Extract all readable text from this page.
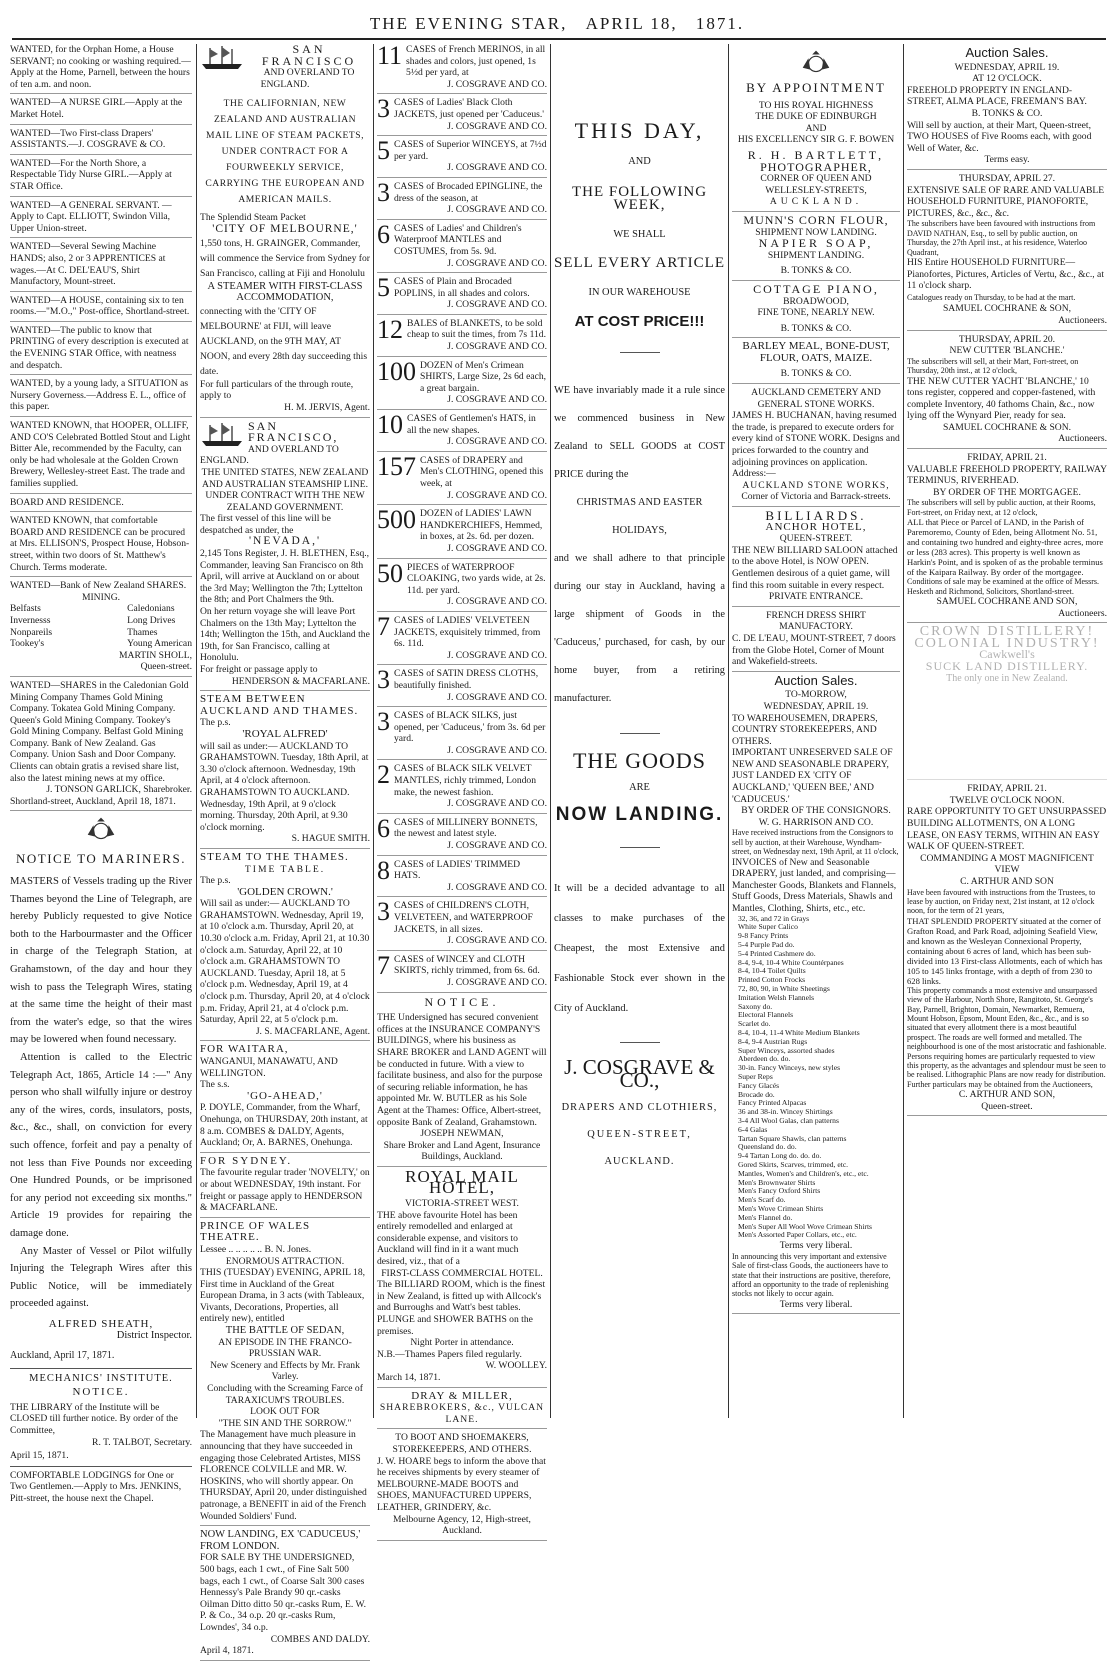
THE EVENING STAR, APRIL 18, 1871.

WANTED, for the Orphan Home, a House SERVANT; no cooking or washing required.—Apply at the Home, Parnell, between the hours of ten a.m. and noon.

WANTED—A NURSE GIRL—Apply at the Market Hotel.

WANTED—Two First-class Drapers' ASSISTANTS.—J. COSGRAVE & CO.

WANTED—For the North Shore, a Respectable Tidy Nurse GIRL.—Apply at STAR Office.

WANTED—A GENERAL SERVANT. —Apply to Capt. ELLIOTT, Swindon Villa, Upper Union-street.

WANTED—Several Sewing Machine HANDS; also, 2 or 3 APPRENTICES at wages.—At C. DEL'EAU'S, Shirt Manufactory, Mount-street.

WANTED—A HOUSE, containing six to ten rooms.—"M.O.," Post-office, Shortland-street.

WANTED—The public to know that PRINTING of every description is executed at the EVENING STAR Office, with neatness and despatch.

WANTED, by a young lady, a SITUATION as Nursery Governess.—Address E. L., office of this paper.

WANTED KNOWN, that HOOPER, OLLIFF, AND CO'S Celebrated Bottled Stout and Light Bitter Ale, recommended by the Faculty, can only be had wholesale at the Golden Crown Brewery, Wellesley-street East. The trade and families supplied.

BOARD AND RESIDENCE.

WANTED KNOWN, that comfortable BOARD AND RESIDENCE can be procured at Mrs. ELLISON'S, Prospect House, Hobson-street, within two doors of St. Matthew's Church. Terms moderate.

WANTED—Bank of New Zealand SHARES.

MINING.

Belfasts
Invernesss
Nonpareils
Tookey's
Caledonians
Long Drives
Thames
Young American

MARTIN SHOLL,

Queen-street.

WANTED—SHARES in the Caledonian Gold Mining Company Thames Gold Mining Company. Tokatea Gold Mining Company. Queen's Gold Mining Company. Tookey's Gold Mining Company. Belfast Gold Mining Company. Bank of New Zealand. Gas Company. Union Sash and Door Company. Clients can obtain gratis a revised share list, also the latest mining news at my office.

J. TONSON GARLICK, Sharebroker.

Shortland-street, Auckland, April 18, 1871.

NOTICE TO MARINERS.

MASTERS of Vessels trading up the River Thames beyond the Line of Telegraph, are hereby Publicly requested to give Notice both to the Harbourmaster and the Officer in charge of the Telegraph Station, at Grahamstown, of the day and hour they wish to pass the Telegraph Wires, stating at the same time the height of their mast from the water's edge, so that the wires may be lowered when found necessary.

Attention is called to the Electric Telegraph Act, 1865, Article 14 :—" Any person who shall wilfully injure or destroy any of the wires, cords, insulators, posts, &c., &c., shall, on conviction for every such offence, forfeit and pay a penalty of not less than Five Pounds nor exceeding One Hundred Pounds, or be imprisoned for any period not exceeding six months." Article 19 provides for repairing the damage done.

Any Master of Vessel or Pilot wilfully Injuring the Telegraph Wires after this Public Notice, will be immediately proceeded against.

ALFRED SHEATH,

District Inspector.

Auckland, April 17, 1871.

MECHANICS' INSTITUTE.

NOTICE.

THE LIBRARY of the Institute will be CLOSED till further notice. By order of the Committee,

R. T. TALBOT, Secretary.

April 15, 1871.

COMFORTABLE LODGINGS for One or Two Gentlemen.—Apply to Mrs. JENKINS, Pitt-street, the house next the Chapel.

SAN FRANCISCO

AND OVERLAND TO ENGLAND.

THE CALIFORNIAN, NEW ZEALAND AND AUSTRALIAN MAIL LINE OF STEAM PACKETS, UNDER CONTRACT FOR A FOURWEEKLY SERVICE, CARRYING THE EUROPEAN AND AMERICAN MAILS.

The Splendid Steam Packet

'CITY OF MELBOURNE,'

1,550 tons, H. GRAINGER, Commander, will commence the Service from Sydney for San Francisco, calling at Fiji and Honolulu

A STEAMER WITH FIRST-CLASS ACCOMMODATION,

connecting with the 'CITY OF MELBOURNE' at FIJI, will leave AUCKLAND, on the 9TH MAY, AT NOON, and every 28th day succeeding this date.

For full particulars of the through route, apply to

H. M. JERVIS, Agent.

SAN FRANCISCO,

AND OVERLAND TO ENGLAND.

THE UNITED STATES, NEW ZEALAND AND AUSTRALIAN STEAMSHIP LINE.

UNDER CONTRACT WITH THE NEW ZEALAND GOVERNMENT.

The first vessel of this line will be despatched as under, the

'NEVADA,'

2,145 Tons Register, J. H. BLETHEN, Esq., Commander, leaving San Francisco on 8th April, will arrive at Auckland on or about the 3rd May; Wellington the 7th; Lyttelton the 8th; and Port Chalmers the 9th.

On her return voyage she will leave Port Chalmers on the 13th May; Lyttelton the 14th; Wellington the 15th, and Auckland the 19th, for San Francisco, calling at Honolulu.

For freight or passage apply to

HENDERSON & MACFARLANE.

STEAM BETWEEN AUCKLAND AND THAMES.

The p.s.

'ROYAL ALFRED'

will sail as under:— AUCKLAND TO GRAHAMSTOWN. Tuesday, 18th April, at 3.30 o'clock afternoon. Wednesday, 19th April, at 4 o'clock afternoon. GRAHAMSTOWN TO AUCKLAND. Wednesday, 19th April, at 9 o'clock morning. Thursday, 20th April, at 9.30 o'clock morning.

S. HAGUE SMITH.

STEAM TO THE THAMES.

TIME TABLE.

The p.s.

'GOLDEN CROWN.'

Will sail as under:— AUCKLAND TO GRAHAMSTOWN. Wednesday, April 19, at 10 o'clock a.m. Thursday, April 20, at 10.30 o'clock a.m. Friday, April 21, at 10.30 o'clock a.m. Saturday, April 22, at 10 o'clock a.m. GRAHAMSTOWN TO AUCKLAND. Tuesday, April 18, at 5 o'clock p.m. Wednesday, April 19, at 4 o'clock p.m. Thursday, April 20, at 4 o'clock p.m. Friday, April 21, at 4 o'clock p.m. Saturday, April 22, at 5 o'clock p.m.

J. S. MACFARLANE, Agent.

FOR WAITARA,

WANGANUI, MANAWATU, AND WELLINGTON.

The s.s.

'GO-AHEAD,'

P. DOYLE, Commander, from the Wharf, Onehunga, on THURSDAY, 20th instant, at 8 a.m. COMBES & DALDY, Agents, Auckland; Or, A. BARNES, Onehunga.

FOR SYDNEY.

The favourite regular trader 'NOVELTY,' on or about WEDNESDAY, 19th instant. For freight or passage apply to HENDERSON & MACFARLANE.

PRINCE OF WALES THEATRE.

Lessee .. .. .. .. .. B. N. Jones.

ENORMOUS ATTRACTION.

THIS (TUESDAY) EVENING, APRIL 18, First time in Auckland of the Great European Drama, in 3 acts (with Tableaux, Vivants, Decorations, Properties, all entirely new), entitled

THE BATTLE OF SEDAN,

AN EPISODE IN THE FRANCO-PRUSSIAN WAR.

New Scenery and Effects by Mr. Frank Varley.

Concluding with the Screaming Farce of

TARAXICUM'S TROUBLES.

LOOK OUT FOR

"THE SIN AND THE SORROW."

The Management have much pleasure in announcing that they have succeeded in engaging those Celebrated Artistes, MISS FLORENCE COLVILLE and MR. W. HOSKINS, who will shortly appear. On THURSDAY, April 20, under distinguished patronage, a BENEFIT in aid of the French Wounded Soldiers' Fund.

NOW LANDING, EX 'CADUCEUS,' FROM LONDON.

FOR SALE BY THE UNDERSIGNED, 500 bags, each 1 cwt., of Fine Salt 500 bags, each 1 cwt., of Coarse Salt 300 cases Hennessy's Pale Brandy 90 qr.-casks Oilman Ditto ditto 50 qr.-casks Rum, E. W. P. & Co., 34 o.p. 20 qr.-casks Rum, Lowndes', 34 o.p.

COMBES AND DALDY.

April 4, 1871.

11 CASES of French MERINOS, in all shades and colors, just opened, 1s 5½d per yard, at

J. COSGRAVE AND CO.

3 CASES of Ladies' Black Cloth JACKETS, just opened per 'Caduceus.'

J. COSGRAVE AND CO.

5 CASES of Superior WINCEYS, at 7½d per yard.

J. COSGRAVE AND CO.

3 CASES of Brocaded EPINGLINE, the dress of the season, at

J. COSGRAVE AND CO.

6 CASES of Ladies' and Children's Waterproof MANTLES and COSTUMES, from 5s. 9d.

J. COSGRAVE AND CO.

5 CASES of Plain and Brocaded POPLINS, in all shades and colors.

J. COSGRAVE AND CO.

12 BALES of BLANKETS, to be sold cheap to suit the times, from 7s 11d.

J. COSGRAVE AND CO.

100 DOZEN of Men's Crimean SHIRTS, Large Size, 2s 6d each, a great bargain.

J. COSGRAVE AND CO.

10 CASES of Gentlemen's HATS, in all the new shapes.

J. COSGRAVE AND CO.

157 CASES of DRAPERY and Men's CLOTHING, opened this week, at

J. COSGRAVE AND CO.

500 DOZEN of LADIES' LAWN HANDKERCHIEFS, Hemmed, in boxes, at 2s. 6d. per dozen.

J. COSGRAVE AND CO.

50 PIECES of WATERPROOF CLOAKING, two yards wide, at 2s. 11d. per yard.

J. COSGRAVE AND CO.

7 CASES of LADIES' VELVETEEN JACKETS, exquisitely trimmed, from 6s. 11d.

J. COSGRAVE AND CO.

3 CASES of SATIN DRESS CLOTHS, beautifully finished.

J. COSGRAVE AND CO.

3 CASES of BLACK SILKS, just opened, per 'Caduceus,' from 3s. 6d per yard.

J. COSGRAVE AND CO.

2 CASES of BLACK SILK VELVET MANTLES, richly trimmed, London make, the newest fashion.

J. COSGRAVE AND CO.

6 CASES of MILLINERY BONNETS, the newest and latest style.

J. COSGRAVE AND CO.

8 CASES of LADIES' TRIMMED HATS.

J. COSGRAVE AND CO.

3 CASES of CHILDREN'S CLOTH, VELVETEEN, and WATERPROOF JACKETS, in all sizes.

J. COSGRAVE AND CO.

7 CASES of WINCEY and CLOTH SKIRTS, richly trimmed, from 6s. 6d.

J. COSGRAVE AND CO.

NOTICE.

THE Undersigned has secured convenient offices at the INSURANCE COMPANY'S BUILDINGS, where his business as SHARE BROKER and LAND AGENT will be conducted in future. With a view to facilitate business, and also for the purpose of securing reliable information, he has appointed Mr. W. BUTLER as his Sole Agent at the Thames: Office, Albert-street, opposite Bank of Zealand, Grahamstown.

JOSEPH NEWMAN,

Share Broker and Land Agent, Insurance Buildings, Auckland.

ROYAL MAIL HOTEL,

VICTORIA-STREET WEST.

THE above favourite Hotel has been entirely remodelled and enlarged at considerable expense, and visitors to Auckland will find in it a want much desired, viz., that of a

FIRST-CLASS COMMERCIAL HOTEL.

The BILLIARD ROOM, which is the finest in New Zealand, is fitted up with Allcock's and Burroughs and Watt's best tables.

PLUNGE and SHOWER BATHS on the premises.

Night Porter in attendance.

N.B.—Thames Papers filed regularly.

W. WOOLLEY.

March 14, 1871.

DRAY & MILLER,

SHAREBROKERS, &c., VULCAN LANE.

TO BOOT AND SHOEMAKERS, STOREKEEPERS, AND OTHERS.

J. W. HOARE begs to inform the above that he receives shipments by every steamer of MELBOURNE-MADE BOOTS and SHOES, MANUFACTURED UPPERS, LEATHER, GRINDERY, &c.

Melbourne Agency, 12, High-street, Auckland.

THIS DAY,
AND
THE FOLLOWING WEEK,
WE SHALL
SELL EVERY ARTICLE
IN OUR WAREHOUSE
AT COST PRICE!!!

WE have invariably made it a rule since we commenced business in New Zealand to SELL GOODS at COST PRICE during the

CHRISTMAS AND EASTER

HOLIDAYS,

and we shall adhere to that principle during our stay in Auckland, having a large shipment of Goods in the 'Caduceus,' purchased, for cash, by our home buyer, from a retiring manufacturer.

THE GOODS
ARE
NOW LANDING.

It will be a decided advantage to all classes to make purchases of the Cheapest, the most Extensive and Fashionable Stock ever shown in the City of Auckland.

J. COSGRAVE & CO.,
DRAPERS AND CLOTHIERS,
QUEEN-STREET,
AUCKLAND.

BY APPOINTMENT

TO HIS ROYAL HIGHNESS

THE DUKE OF EDINBURGH

AND

HIS EXCELLENCY SIR G. F. BOWEN

R. H. BARTLETT,

PHOTOGRAPHER,

CORNER OF QUEEN AND WELLESLEY-STREETS,

AUCKLAND.

MUNN'S CORN FLOUR,

SHIPMENT NOW LANDING.

NAPIER SOAP,

SHIPMENT LANDING.

B. TONKS & CO.

COTTAGE PIANO,

BROADWOOD,

FINE TONE, NEARLY NEW.

B. TONKS & CO.

BARLEY MEAL, BONE-DUST, FLOUR, OATS, MAIZE.

B. TONKS & CO.

AUCKLAND CEMETERY AND GENERAL STONE WORKS.

JAMES H. BUCHANAN, having resumed the trade, is prepared to execute orders for every kind of STONE WORK. Designs and prices forwarded to the country and adjoining provinces on application.

Address:—

AUCKLAND STONE WORKS,

Corner of Victoria and Barrack-streets.

BILLIARDS.

ANCHOR HOTEL,

QUEEN-STREET.

THE NEW BILLIARD SALOON attached to the above Hotel, is NOW OPEN. Gentlemen desirous of a quiet game, will find this room suitable in every respect.

PRIVATE ENTRANCE.

FRENCH DRESS SHIRT MANUFACTORY.

C. DE L'EAU, MOUNT-STREET, 7 doors from the Globe Hotel, Corner of Mount and Wakefield-streets.

Auction Sales.

TO-MORROW,

WEDNESDAY, APRIL 19.

TO WAREHOUSEMEN, DRAPERS, COUNTRY STOREKEEPERS, AND OTHERS.

IMPORTANT UNRESERVED SALE OF NEW AND SEASONABLE DRAPERY, JUST LANDED EX 'CITY OF AUCKLAND,' 'QUEEN BEE,' AND 'CADUCEUS.'

BY ORDER OF THE CONSIGNORS.

W. G. HARRISON AND CO.

Have received instructions from the Consignors to sell by auction, at their Warehouse, Wyndham-street, on Wednesday next, 19th April, at 11 o'clock,

INVOICES of New and Seasonable DRAPERY, just landed, and comprising—Manchester Goods, Blankets and Flannels, Stuff Goods, Dress Materials, Shawls and Mantles, Clothing, Shirts, etc., etc.

32, 36, and 72 in Grays

White Super Calico

9-8 Fancy Prints

5-4 Purple Pad do.

5-4 Printed Cashmere do.

8-4, 9-4, 10-4 White Countérpanes

8-4, 10-4 Toilet Quilts

Printed Cotton Frocks

72, 80, 90, in White Sheetings

Imitation Welsh Flannels

Saxony do.

Electoral Flannels

Scarlet do.

8-4, 10-4, 11-4 White Medium Blankets

8-4, 9-4 Austrian Rugs

Super Winceys, assorted shades

Aberdeen do. do.

30-in. Fancy Winceys, new styles

Super Reps

Fancy Glacés

Brocade do.

Fancy Printed Alpacas

36 and 38-in. Wincey Shirtings

3-4 All Wool Galas, clan patterns

6-4 Galas

Tartan Square Shawls, clan patterns

Queensland do. do.

9-4 Tartan Long do. do. do.

Gored Skirts, Scarves, trimmed, etc.

Mantles, Women's and Children's, etc., etc.

Men's Brownwater Shirts

Men's Fancy Oxford Shirts

Men's Scarf do.

Men's Wove Crimean Shirts

Men's Flannel do.

Men's Super All Wool Wove Crimean Shirts

Men's Assorted Paper Collars, etc., etc.

Terms very liberal.

In announcing this very important and extensive Sale of first-class Goods, the auctioneers have to state that their instructions are positive, therefore, afford an opportunity to the trade of replenishing stocks not likely to occur again.

Terms very liberal.

Auction Sales.

WEDNESDAY, APRIL 19.

AT 12 O'CLOCK.

FREEHOLD PROPERTY IN ENGLAND-STREET, ALMA PLACE, FREEMAN'S BAY.

B. TONKS & CO.

Will sell by auction, at their Mart, Queen-street,

TWO HOUSES of Five Rooms each, with good Well of Water, &c.

Terms easy.

THURSDAY, APRIL 27.

EXTENSIVE SALE OF RARE AND VALUABLE HOUSEHOLD FURNITURE, PIANOFORTE, PICTURES, &c., &c., &c.

The subscribers have been favoured with instructions from DAVID NATHAN, Esq., to sell by public auction, on Thursday, the 27th April inst., at his residence, Waterloo Quadrant,

HIS Entire HOUSEHOLD FURNITURE—Pianofortes, Pictures, Articles of Vertu, &c., &c., at 11 o'clock sharp.

Catalogues ready on Thursday, to be had at the mart.

SAMUEL COCHRANE & SON,

Auctioneers.

THURSDAY, APRIL 20.

NEW CUTTER 'BLANCHE.'

The subscribers will sell, at their Mart, Fort-street, on Thursday, 20th inst., at 12 o'clock,

THE NEW CUTTER YACHT 'BLANCHE,' 10 tons register, coppered and copper-fastened, with complete Inventory, 40 fathoms Chain, &c., now lying off the Wynyard Pier, ready for sea.

SAMUEL COCHRANE & SON.

Auctioneers.

FRIDAY, APRIL 21.

VALUABLE FREEHOLD PROPERTY, RAILWAY TERMINUS, RIVERHEAD.

BY ORDER OF THE MORTGAGEE.

The subscribers will sell by public auction, at their Rooms, Fort-street, on Friday next, at 12 o'clock,

ALL that Piece or Parcel of LAND, in the Parish of Paremoremo, County of Eden, being Allotment No. 51, and containing two hundred and eighty-three acres, more or less (283 acres). This property is well known as Harkin's Point, and is spoken of as the probable terminus of the Kaipara Railway. By order of the mortgagee.

Conditions of sale may be examined at the office of Messrs. Hesketh and Richmond, Solicitors, Shortland-street.

SAMUEL COCHRANE AND SON,

Auctioneers.

CROWN DISTILLERY!

COLONIAL INDUSTRY!

Cawkwell's

SUCK LAND DISTILLERY.

The only one in New Zealand.

FRIDAY, APRIL 21.

TWELVE O'CLOCK NOON.

RARE OPPORTUNITY TO GET UNSURPASSED BUILDING ALLOTMENTS, ON A LONG LEASE, ON EASY TERMS, WITHIN AN EASY WALK OF QUEEN-STREET.

COMMANDING A MOST MAGNIFICENT VIEW

C. ARTHUR AND SON

Have been favoured with instructions from the Trustees, to lease by auction, on Friday next, 21st instant, at 12 o'clock noon, for the term of 21 years,

THAT SPLENDID PROPERTY situated at the corner of Grafton Road, and Park Road, adjoining Seafield View, and known as the Wesleyan Connexional Property, containing about 6 acres of land, which has been sub-divided into 13 First-class Allotments, each of which has 105 to 145 links frontage, with a depth of from 230 to 628 links.

This property commands a most extensive and unsurpassed view of the Harbour, North Shore, Rangitoto, St. George's Bay, Parnell, Brighton, Domain, Newmarket, Remuera, Mount Hobson, Epsom, Mount Eden, &c., &c., and is so situated that every allotment there is a most beautiful prospect. The roads are well formed and metalled. The neighbourhood is one of the most aristocratic and fashionable. Persons requiring homes are particularly requested to view this property, as the advantages and splendour must be seen to be realised. Lithographic Plans are now ready for distribution. Further particulars may be obtained from the Auctioneers,

C. ARTHUR AND SON,

Queen-street.
